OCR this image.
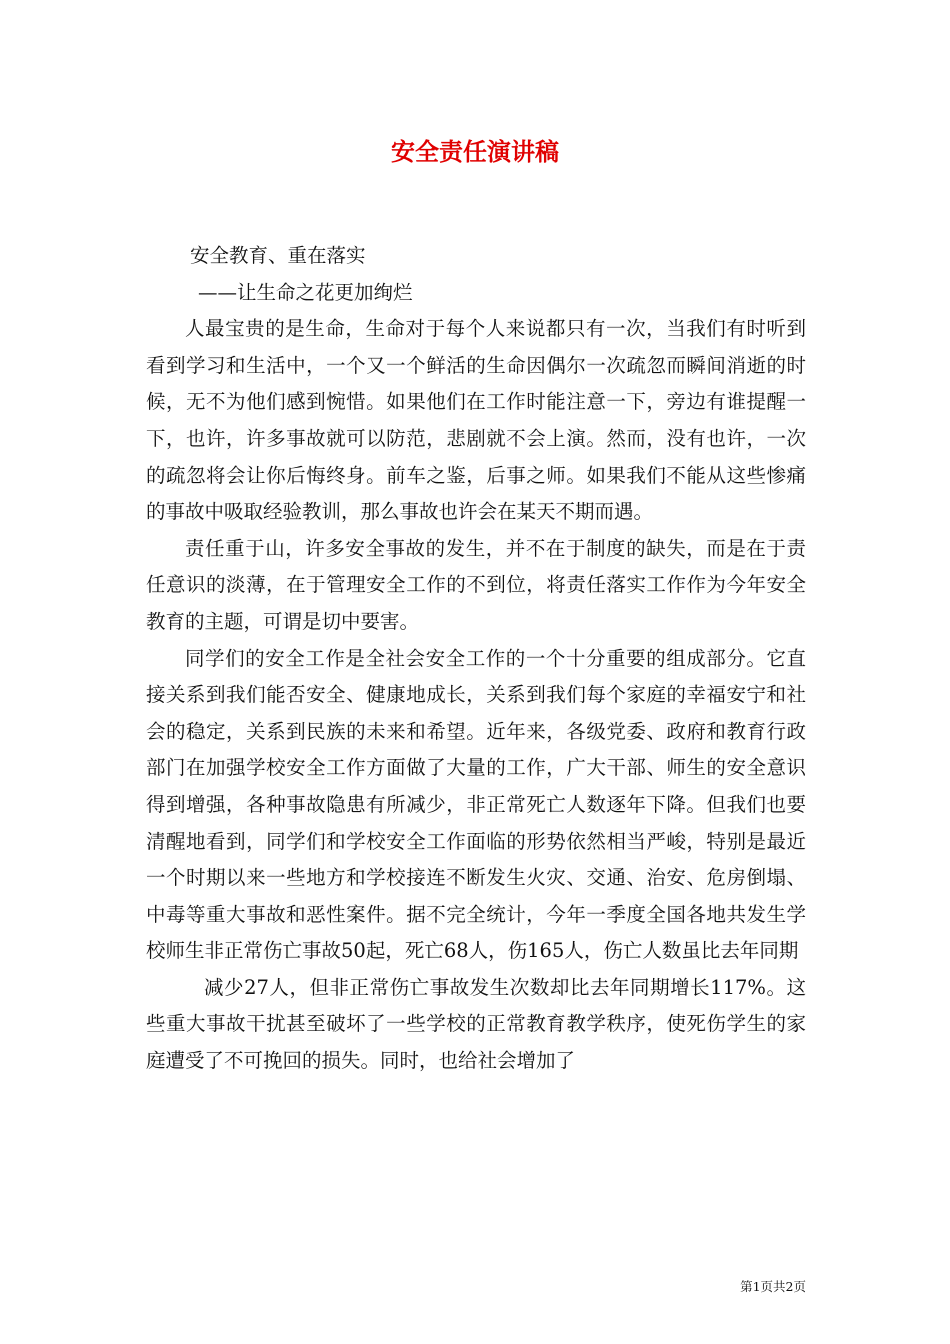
安全责任演讲稿

安全教育、重在落实

——让生命之花更加绚烂

人最宝贵的是生命，生命对于每个人来说都只有一次，当我们有时听到看到学习和生活中，一个又一个鲜活的生命因偶尔一次疏忽而瞬间消逝的时候，无不为他们感到惋惜。如果他们在工作时能注意一下，旁边有谁提醒一下，也许，许多事故就可以防范，悲剧就不会上演。然而，没有也许，一次的疏忽将会让你后悔终身。前车之鉴，后事之师。如果我们不能从这些惨痛的事故中吸取经验教训，那么事故也许会在某天不期而遇。

责任重于山，许多安全事故的发生，并不在于制度的缺失，而是在于责任意识的淡薄，在于管理安全工作的不到位，将责任落实工作作为今年安全教育的主题，可谓是切中要害。

同学们的安全工作是全社会安全工作的一个十分重要的组成部分。它直接关系到我们能否安全、健康地成长，关系到我们每个家庭的幸福安宁和社会的稳定，关系到民族的未来和希望。近年来，各级党委、政府和教育行政部门在加强学校安全工作方面做了大量的工作，广大干部、师生的安全意识得到增强，各种事故隐患有所减少，非正常死亡人数逐年下降。但我们也要清醒地看到，同学们和学校安全工作面临的形势依然相当严峻，特别是最近一个时期以来一些地方和学校接连不断发生火灾、交通、治安、危房倒塌、中毒等重大事故和恶性案件。据不完全统计，今年一季度全国各地共发生学校师生非正常伤亡事故50起，死亡68人，伤165人，伤亡人数虽比去年同期

减少27人，但非正常伤亡事故发生次数却比去年同期增长117%。这些重大事故干扰甚至破坏了一些学校的正常教育教学秩序，使死伤学生的家庭遭受了不可挽回的损失。同时，也给社会增加了

第1页共2页
